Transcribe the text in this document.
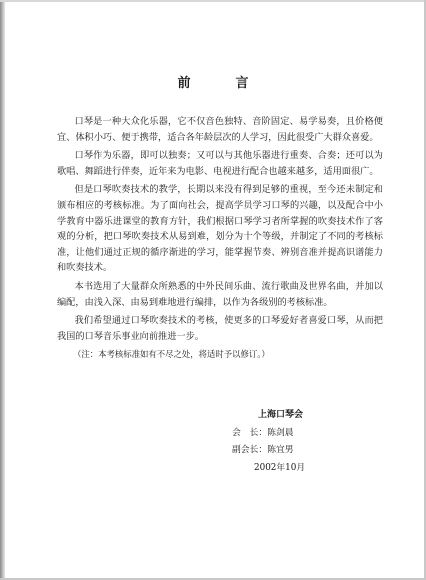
前　言

口琴是一种大众化乐器，它不仅音色独特、音阶固定、易学易奏，且价格便宜、体积小巧、便于携带，适合各年龄层次的人学习，因此很受广大群众喜爱。

口琴作为乐器，即可以独奏；又可以与其他乐器进行重奏、合奏；还可以为歌唱、舞蹈进行伴奏，近年来为电影、电视进行配合也越来越多，适用面很广。

但是口琴吹奏技术的教学，长期以来没有得到足够的重视，至今还未制定和颁布相应的考核标准。为了面向社会，提高学员学习口琴的兴趣，以及配合中小学教育中器乐进课堂的教育方针，我们根据口琴学习者所掌握的吹奏技术作了客观的分析，把口琴吹奏技术从易到难，划分为十个等级，并制定了不同的考核标准，让他们通过正规的循序渐进的学习，能掌握节奏、辨别音准并提高识谱能力和吹奏技术。

本书选用了大量群众所熟悉的中外民间乐曲、流行歌曲及世界名曲，并加以编配，由浅入深、由易到难地进行编排，以作为各级别的考核标准。

我们希望通过口琴吹奏技术的考核，使更多的口琴爱好者喜爱口琴，从而把我国的口琴音乐事业向前推进一步。

（注：本考核标准如有不尽之处，将适时予以修订。）

上海口琴会
会　长：陈剑晨
副会长：陈宜男
2002年10月
